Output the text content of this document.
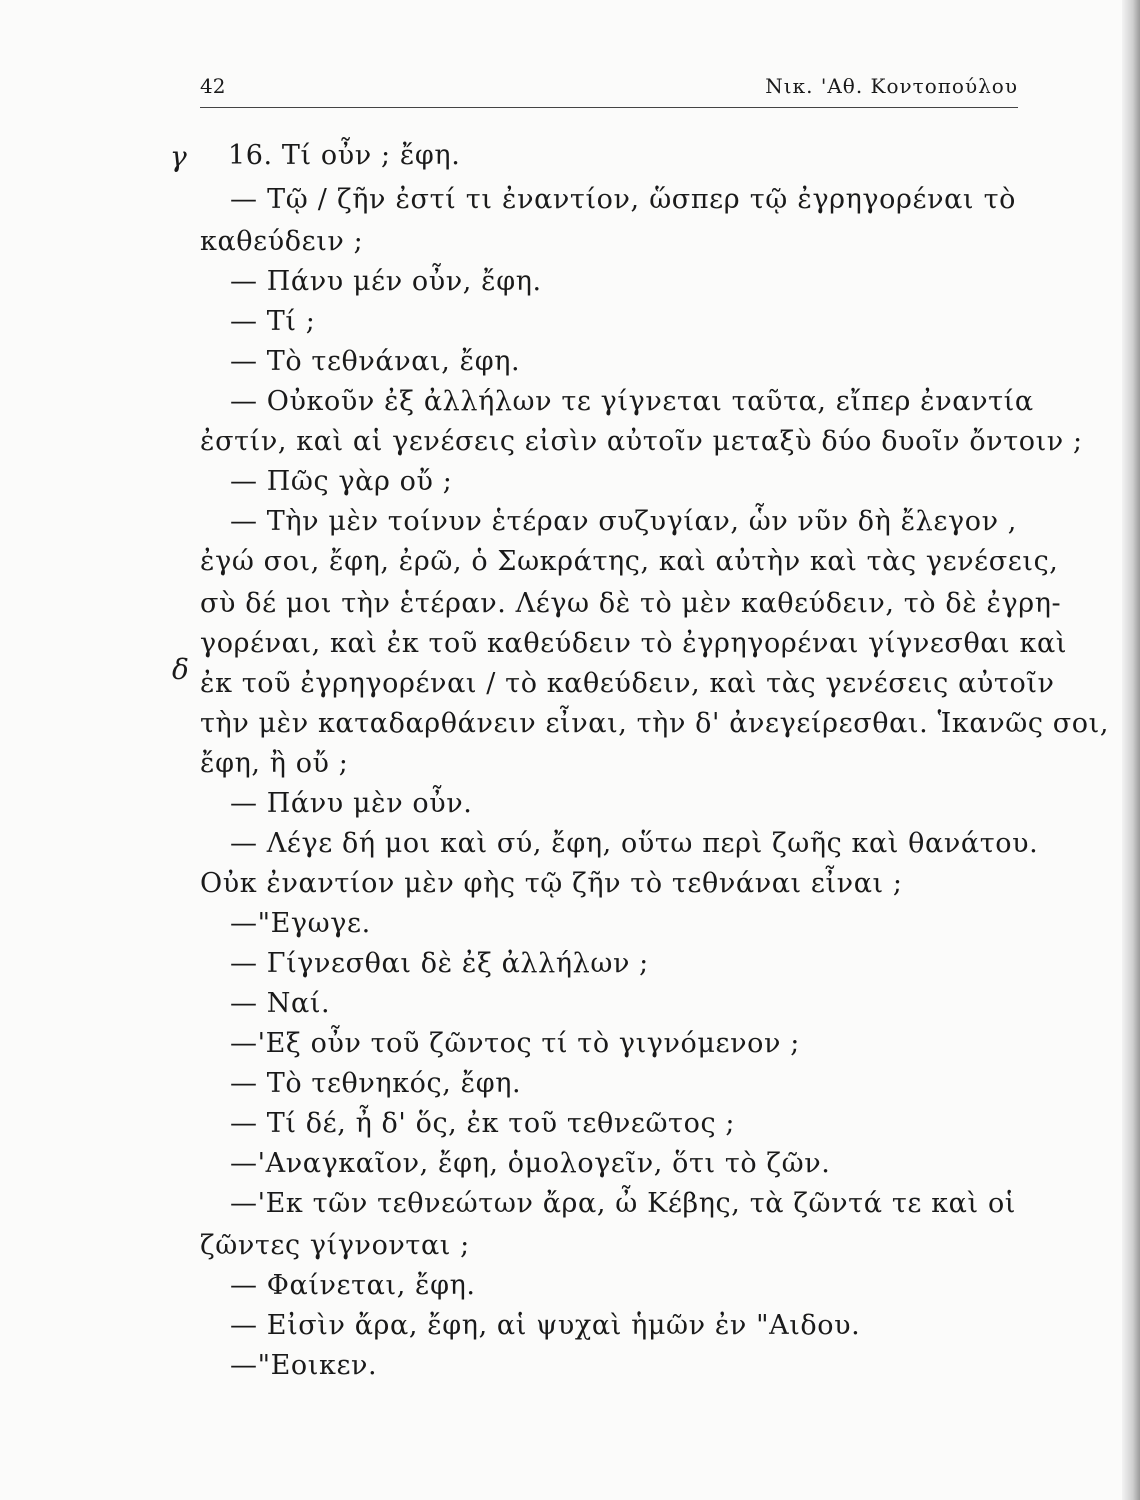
42	Νικ. 'Αθ. Κοντοπούλου
γ
δ
16. Τί οὖν ; ἔφη.
— Τῷ / ζῆν ἐστί τι ἐναντίον, ὥσπερ τῷ ἐγρηγορέναι τὸ
καθεύδειν ;
— Πάνυ μέν οὖν, ἔφη.
— Τί ;
— Τὸ τεθνάναι, ἔφη.
— Οὐκοῦν ἐξ ἀλλήλων τε γίγνεται ταῦτα, εἴπερ ἐναντία
ἐστίν, καὶ αἱ γενέσεις εἰσὶν αὐτοῖν μεταξὺ δύο δυοῖν ὄντοιν ;
— Πῶς γὰρ οὔ ;
— Τὴν μὲν τοίνυν ἑτέραν συζυγίαν, ὧν νῦν δὴ ἔλεγον ,
ἐγώ σοι, ἔφη, ἐρῶ, ὁ Σωκράτης, καὶ αὐτὴν καὶ τὰς γενέσεις,
σὺ δέ μοι τὴν ἑτέραν. Λέγω δὲ τὸ μὲν καθεύδειν, τὸ δὲ ἐγρη-
γορέναι, καὶ ἐκ τοῦ καθεύδειν τὸ ἐγρηγορέναι γίγνεσθαι καὶ
ἐκ τοῦ ἐγρηγορέναι / τὸ καθεύδειν, καὶ τὰς γενέσεις αὐτοῖν
τὴν μὲν καταδαρθάνειν εἶναι, τὴν δ' ἀνεγείρεσθαι. Ἱκανῶς σοι,
ἔφη, ἢ οὔ ;
— Πάνυ μὲν οὖν.
— Λέγε δή μοι καὶ σύ, ἔφη, οὕτω περὶ ζωῆς καὶ θανάτου.
Οὐκ ἐναντίον μὲν φὴς τῷ ζῆν τὸ τεθνάναι εἶναι ;
—"Εγωγε.
— Γίγνεσθαι δὲ ἐξ ἀλλήλων ;
— Ναί.
—'Εξ οὖν τοῦ ζῶντος τί τὸ γιγνόμενον ;
— Τὸ τεθνηκός, ἔφη.
— Τί δέ, ἦ δ' ὅς, ἐκ τοῦ τεθνεῶτος ;
—'Αναγκαῖον, ἔφη, ὁμολογεῖν, ὅτι τὸ ζῶν.
—'Εκ τῶν τεθνεώτων ἄρα, ὦ Κέβης, τὰ ζῶντά τε καὶ οἱ
ζῶντες γίγνονται ;
— Φαίνεται, ἔφη.
— Εἰσὶν ἄρα, ἔφη, αἱ ψυχαὶ ἡμῶν ἐν "Αιδου.
—"Εοικεν.
